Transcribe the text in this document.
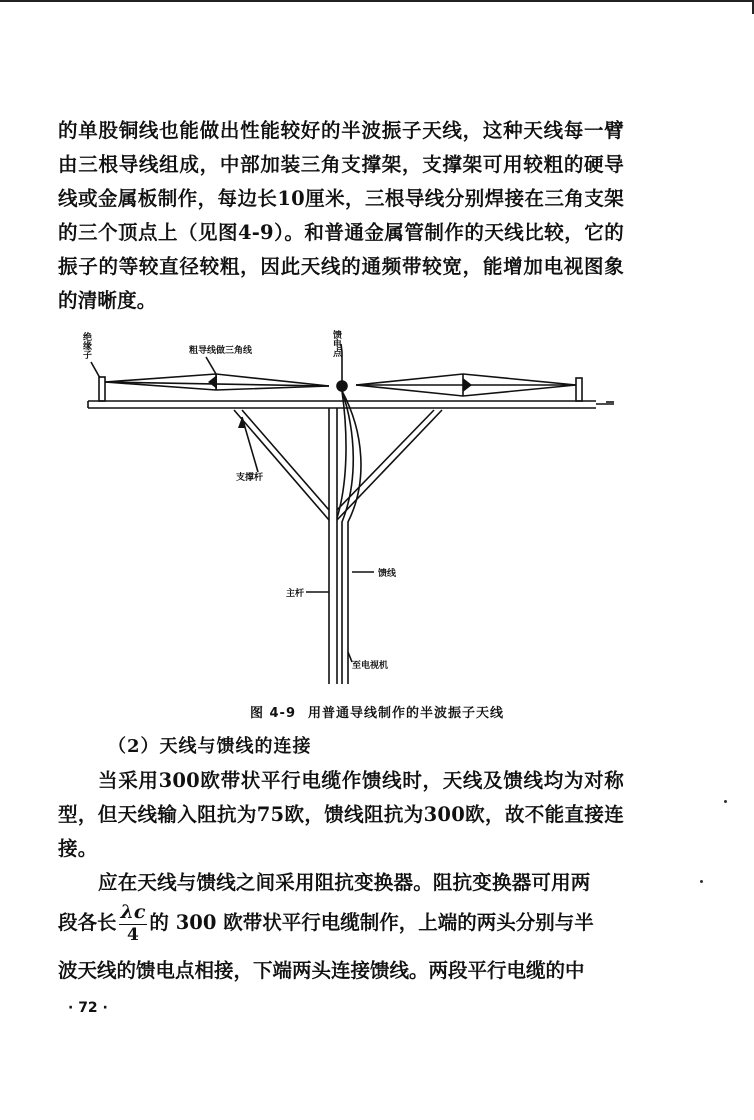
的单股铜线也能做出性能较好的半波振子天线，这种天线每一臂由三根导线组成，中部加装三角支撑架，支撑架可用较粗的硬导线或金属板制作，每边长10厘米，三根导线分别焊接在三角支架的三个顶点上（见图4-9）。和普通金属管制作的天线比较，它的振子的等较直径较粗，因此天线的通频带较宽，能增加电视图象的清晰度。

绝缘子	粗导线做三角线	馈电点
支撑杆
馈线
主杆
至电视机
图 4-9 用普通导线制作的半波振子天线
（2）天线与馈线的连接

当采用300欧带状平行电缆作馈线时，天线及馈线均为对称型，但天线输入阻抗为75欧，馈线阻抗为300欧，故不能直接连接。

应在天线与馈线之间采用阻抗变换器。阻抗变换器可用两

段各长 $\frac{\lambda c}{4}$ 的 300 欧带状平行电缆制作，上端的两头分别与半
波天线的馈电点相接，下端两头连接馈线。两段平行电缆的中
· 72 ·
